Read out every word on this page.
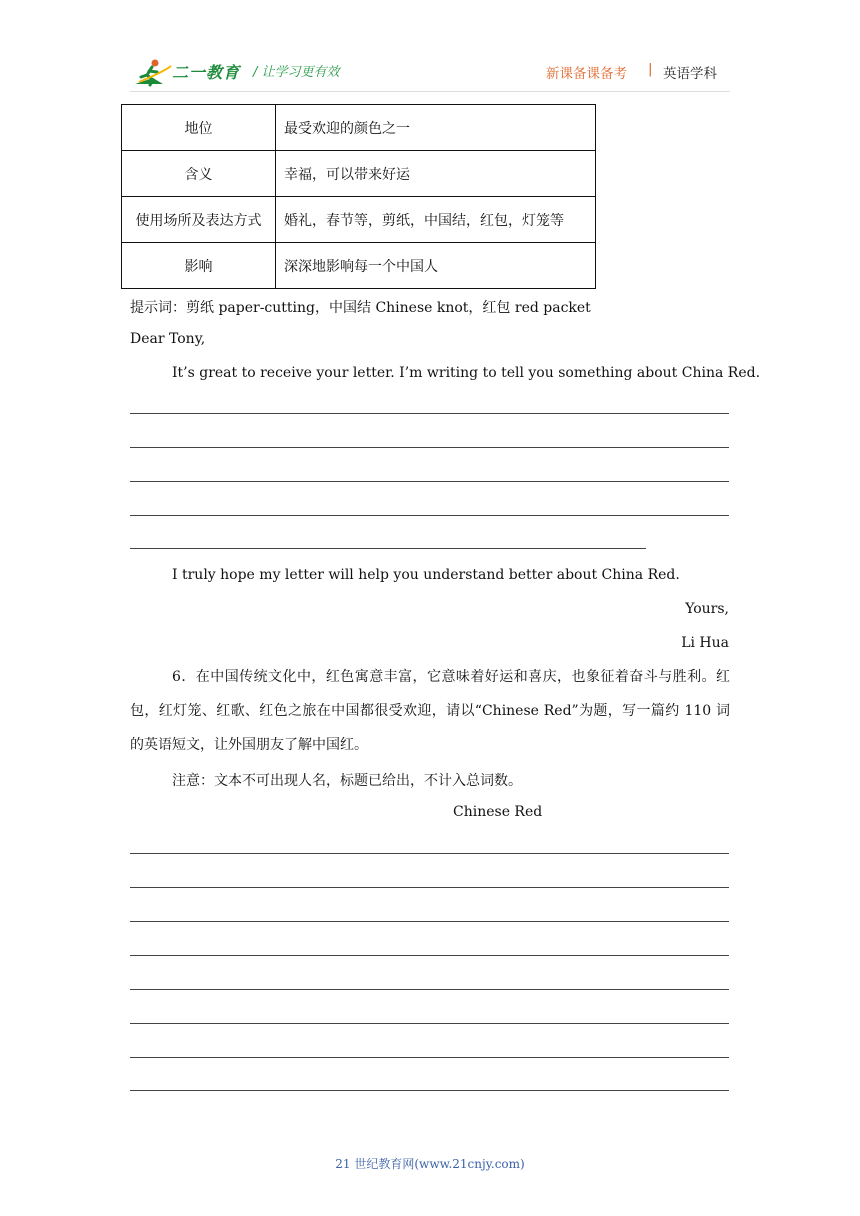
二一教育 / 让学习更有效	新课备课备考 | 英语学科
地位	最受欢迎的颜色之一
含义	幸福，可以带来好运
使用场所及表达方式	婚礼，春节等，剪纸，中国结，红包，灯笼等
影响	深深地影响每一个中国人
提示词：剪纸 paper-cutting，中国结 Chinese knot，红包 red packet
Dear Tony,
It’s great to receive your letter. I’m writing to tell you something about China Red.
I truly hope my letter will help you understand better about China Red.
Yours,
Li Hua
6．在中国传统文化中，红色寓意丰富，它意味着好运和喜庆，也象征着奋斗与胜利。红包，红灯笼、红歌、红色之旅在中国都很受欢迎，请以“Chinese Red”为题，写一篇约 110 词的英语短文，让外国朋友了解中国红。
注意：文本不可出现人名，标题已给出，不计入总词数。
Chinese Red
21 世纪教育网(www.21cnjy.com)
